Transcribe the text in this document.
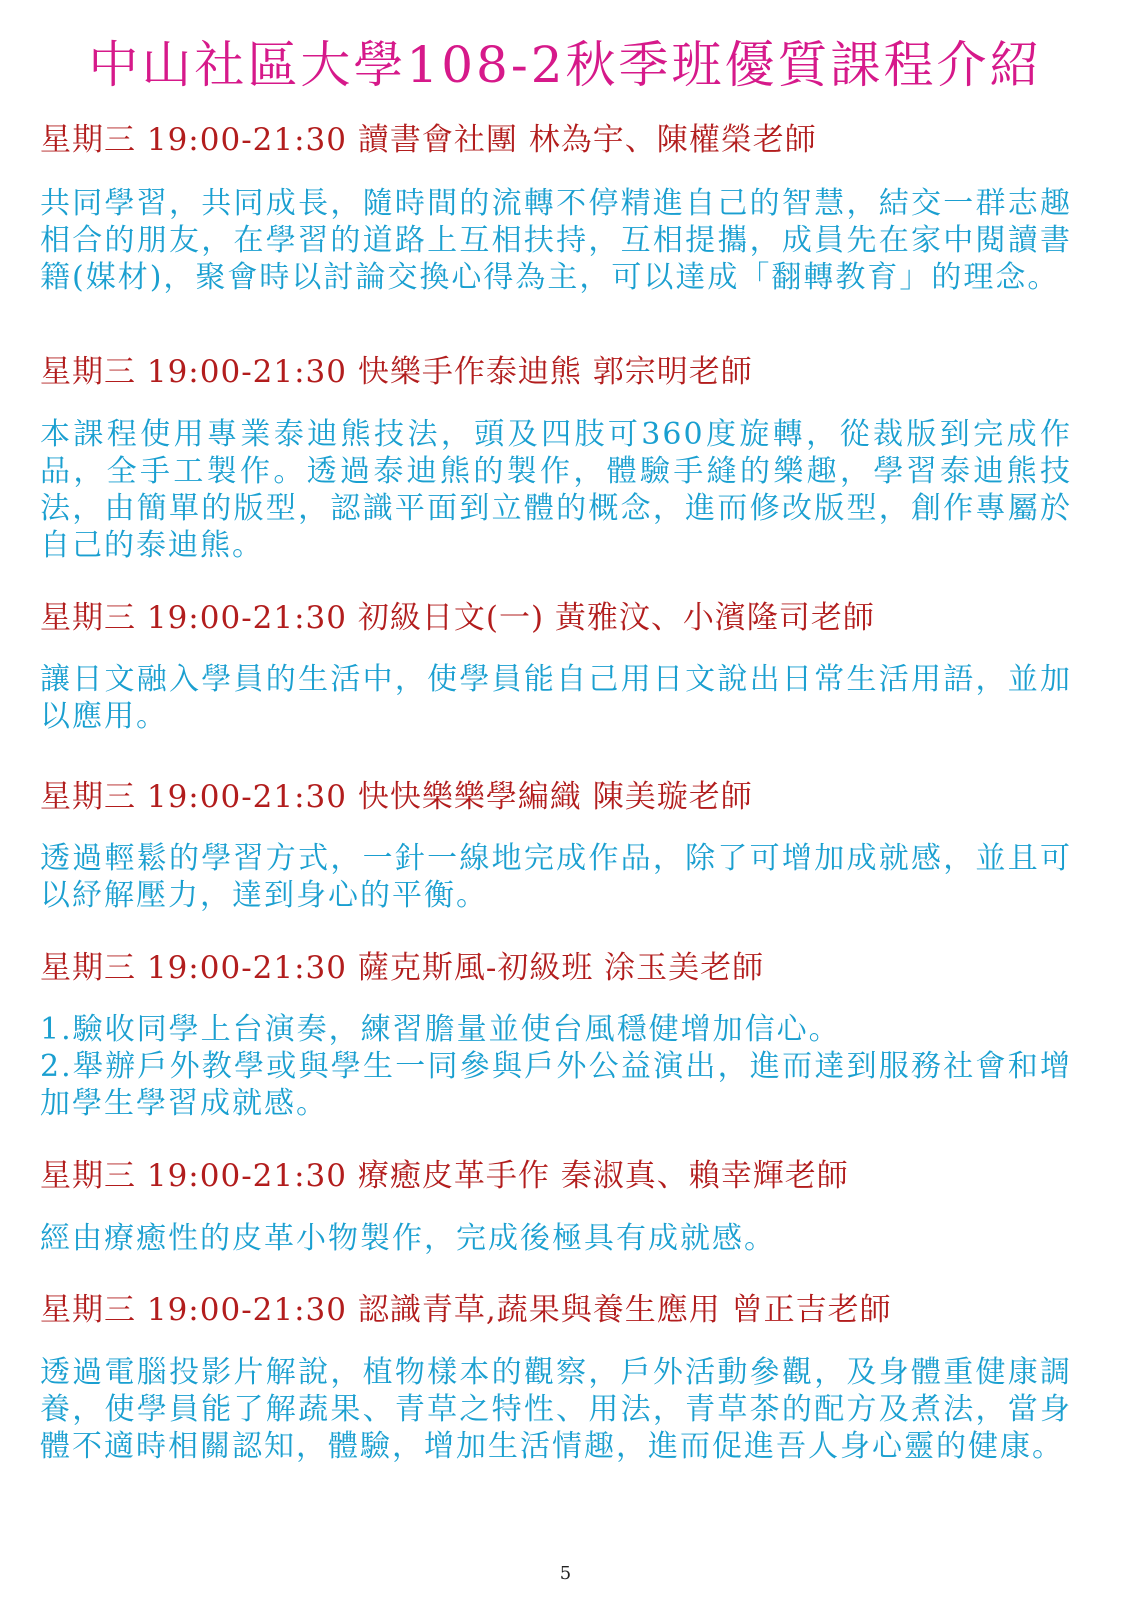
中山社區大學108-2秋季班優質課程介紹
星期三 19:00-21:30 讀書會社團 林為宇、陳權榮老師
共同學習，共同成長，隨時間的流轉不停精進自己的智慧，結交一群志趣相合的朋友，在學習的道路上互相扶持，互相提攜，成員先在家中閱讀書籍(媒材)，聚會時以討論交換心得為主，可以達成「翻轉教育」的理念。
星期三 19:00-21:30 快樂手作泰迪熊 郭宗明老師
本課程使用專業泰迪熊技法，頭及四肢可360度旋轉，從裁版到完成作品，全手工製作。透過泰迪熊的製作，體驗手縫的樂趣，學習泰迪熊技法，由簡單的版型，認識平面到立體的概念，進而修改版型，創作專屬於自己的泰迪熊。
星期三 19:00-21:30 初級日文(一) 黃雅汶、小濱隆司老師
讓日文融入學員的生活中，使學員能自己用日文說出日常生活用語，並加以應用。
星期三 19:00-21:30 快快樂樂學編織 陳美璇老師
透過輕鬆的學習方式，一針一線地完成作品，除了可增加成就感，並且可以紓解壓力，達到身心的平衡。
星期三 19:00-21:30 薩克斯風-初級班 涂玉美老師
1.驗收同學上台演奏，練習膽量並使台風穩健增加信心。
2.舉辦戶外教學或與學生一同參與戶外公益演出，進而達到服務社會和增加學生學習成就感。
星期三 19:00-21:30 療癒皮革手作 秦淑真、賴幸輝老師
經由療癒性的皮革小物製作，完成後極具有成就感。
星期三 19:00-21:30 認識青草,蔬果與養生應用 曾正吉老師
透過電腦投影片解說，植物樣本的觀察，戶外活動參觀，及身體重健康調養，使學員能了解蔬果、青草之特性、用法，青草茶的配方及煮法，當身體不適時相關認知，體驗，增加生活情趣，進而促進吾人身心靈的健康。
5
